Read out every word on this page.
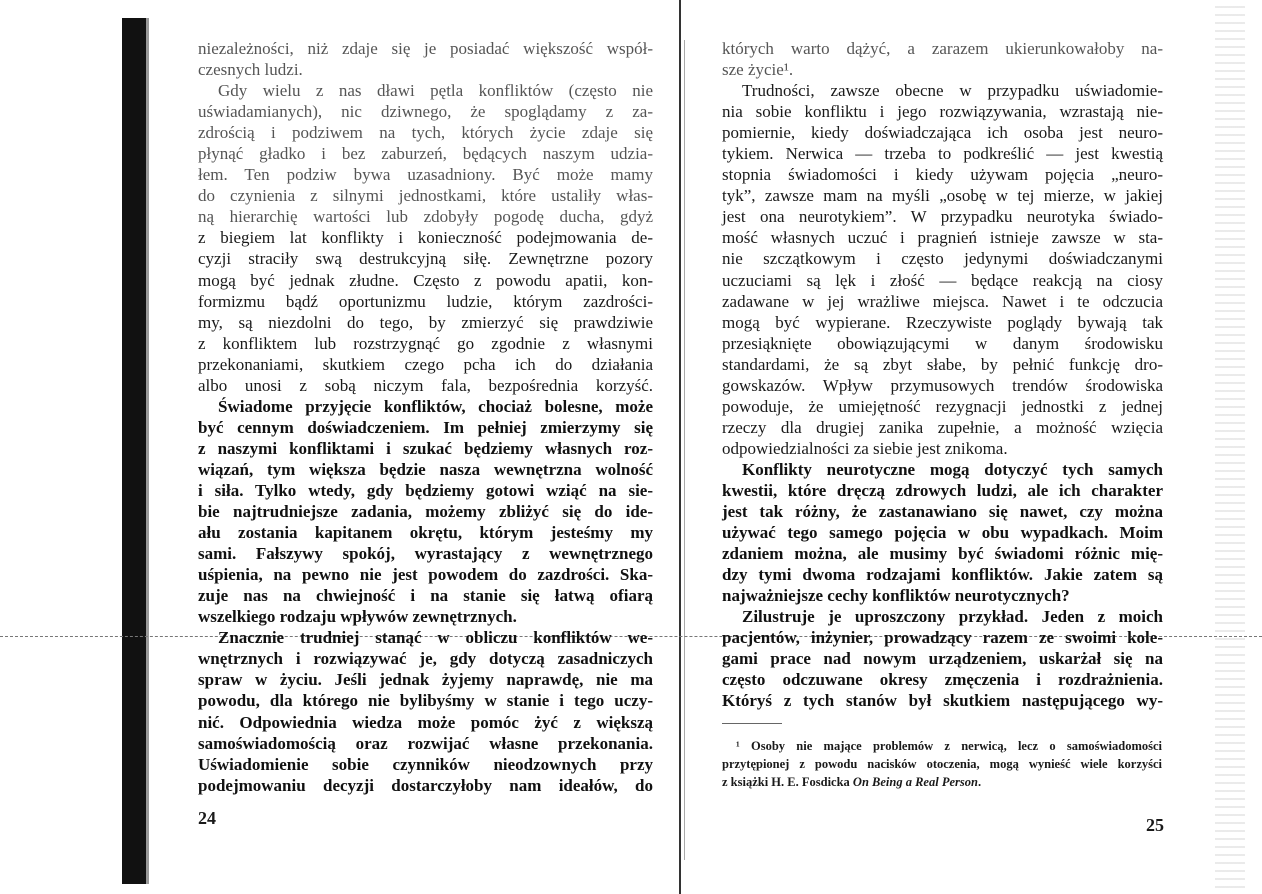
niezależności, niż zdaje się je posiadać większość współ-
czesnych ludzi.
Gdy wielu z nas dławi pętla konfliktów (często nie
uświadamianych), nic dziwnego, że spoglądamy z za-
zdrością i podziwem na tych, których życie zdaje się
płynąć gładko i bez zaburzeń, będących naszym udzia-
łem. Ten podziw bywa uzasadniony. Być może mamy
do czynienia z silnymi jednostkami, które ustaliły włas-
ną hierarchię wartości lub zdobyły pogodę ducha, gdyż
z biegiem lat konflikty i konieczność podejmowania de-
cyzji straciły swą destrukcyjną siłę. Zewnętrzne pozory
mogą być jednak złudne. Często z powodu apatii, kon-
formizmu bądź oportunizmu ludzie, którym zazdrości-
my, są niezdolni do tego, by zmierzyć się prawdziwie
z konfliktem lub rozstrzygnąć go zgodnie z własnymi
przekonaniami, skutkiem czego pcha ich do działania
albo unosi z sobą niczym fala, bezpośrednia korzyść.
Świadome przyjęcie konfliktów, chociaż bolesne, może
być cennym doświadczeniem. Im pełniej zmierzymy się
z naszymi konfliktami i szukać będziemy własnych roz-
wiązań, tym większa będzie nasza wewnętrzna wolność
i siła. Tylko wtedy, gdy będziemy gotowi wziąć na sie-
bie najtrudniejsze zadania, możemy zbliżyć się do ide-
ału zostania kapitanem okrętu, którym jesteśmy my
sami. Fałszywy spokój, wyrastający z wewnętrznego
uśpienia, na pewno nie jest powodem do zazdrości. Ska-
zuje nas na chwiejność i na stanie się łatwą ofiarą
wszelkiego rodzaju wpływów zewnętrznych.
Znacznie trudniej stanąć w obliczu konfliktów we-
wnętrznych i rozwiązywać je, gdy dotyczą zasadniczych
spraw w życiu. Jeśli jednak żyjemy naprawdę, nie ma
powodu, dla którego nie bylibyśmy w stanie i tego uczy-
nić. Odpowiednia wiedza może pomóc żyć z większą
samoświadomością oraz rozwijać własne przekonania.
Uświadomienie sobie czynników nieodzownych przy
podejmowaniu decyzji dostarczyłoby nam ideałów, do
24
których warto dążyć, a zarazem ukierunkowałoby na-
sze życie¹.
Trudności, zawsze obecne w przypadku uświadomie-
nia sobie konfliktu i jego rozwiązywania, wzrastają nie-
pomiernie, kiedy doświadczająca ich osoba jest neuro-
tykiem. Nerwica — trzeba to podkreślić — jest kwestią
stopnia świadomości i kiedy używam pojęcia „neuro-
tyk”, zawsze mam na myśli „osobę w tej mierze, w jakiej
jest ona neurotykiem”. W przypadku neurotyka świado-
mość własnych uczuć i pragnień istnieje zawsze w sta-
nie szczątkowym i często jedynymi doświadczanymi
uczuciami są lęk i złość — będące reakcją na ciosy
zadawane w jej wrażliwe miejsca. Nawet i te odczucia
mogą być wypierane. Rzeczywiste poglądy bywają tak
przesiąknięte obowiązującymi w danym środowisku
standardami, że są zbyt słabe, by pełnić funkcję dro-
gowskazów. Wpływ przymusowych trendów środowiska
powoduje, że umiejętność rezygnacji jednostki z jednej
rzeczy dla drugiej zanika zupełnie, a możność wzięcia
odpowiedzialności za siebie jest znikoma.
Konflikty neurotyczne mogą dotyczyć tych samych
kwestii, które dręczą zdrowych ludzi, ale ich charakter
jest tak różny, że zastanawiano się nawet, czy można
używać tego samego pojęcia w obu wypadkach. Moim
zdaniem można, ale musimy być świadomi różnic mię-
dzy tymi dwoma rodzajami konfliktów. Jakie zatem są
najważniejsze cechy konfliktów neurotycznych?
Zilustruje je uproszczony przykład. Jeden z moich
pacjentów, inżynier, prowadzący razem ze swoimi kole-
gami prace nad nowym urządzeniem, uskarżał się na
często odczuwane okresy zmęczenia i rozdrażnienia.
Któryś z tych stanów był skutkiem następującego wy-
¹ Osoby nie mające problemów z nerwicą, lecz o samoświadomości
przytępionej z powodu nacisków otoczenia, mogą wynieść wiele korzyści
z książki H. E. Fosdicka On Being a Real Person.
25
